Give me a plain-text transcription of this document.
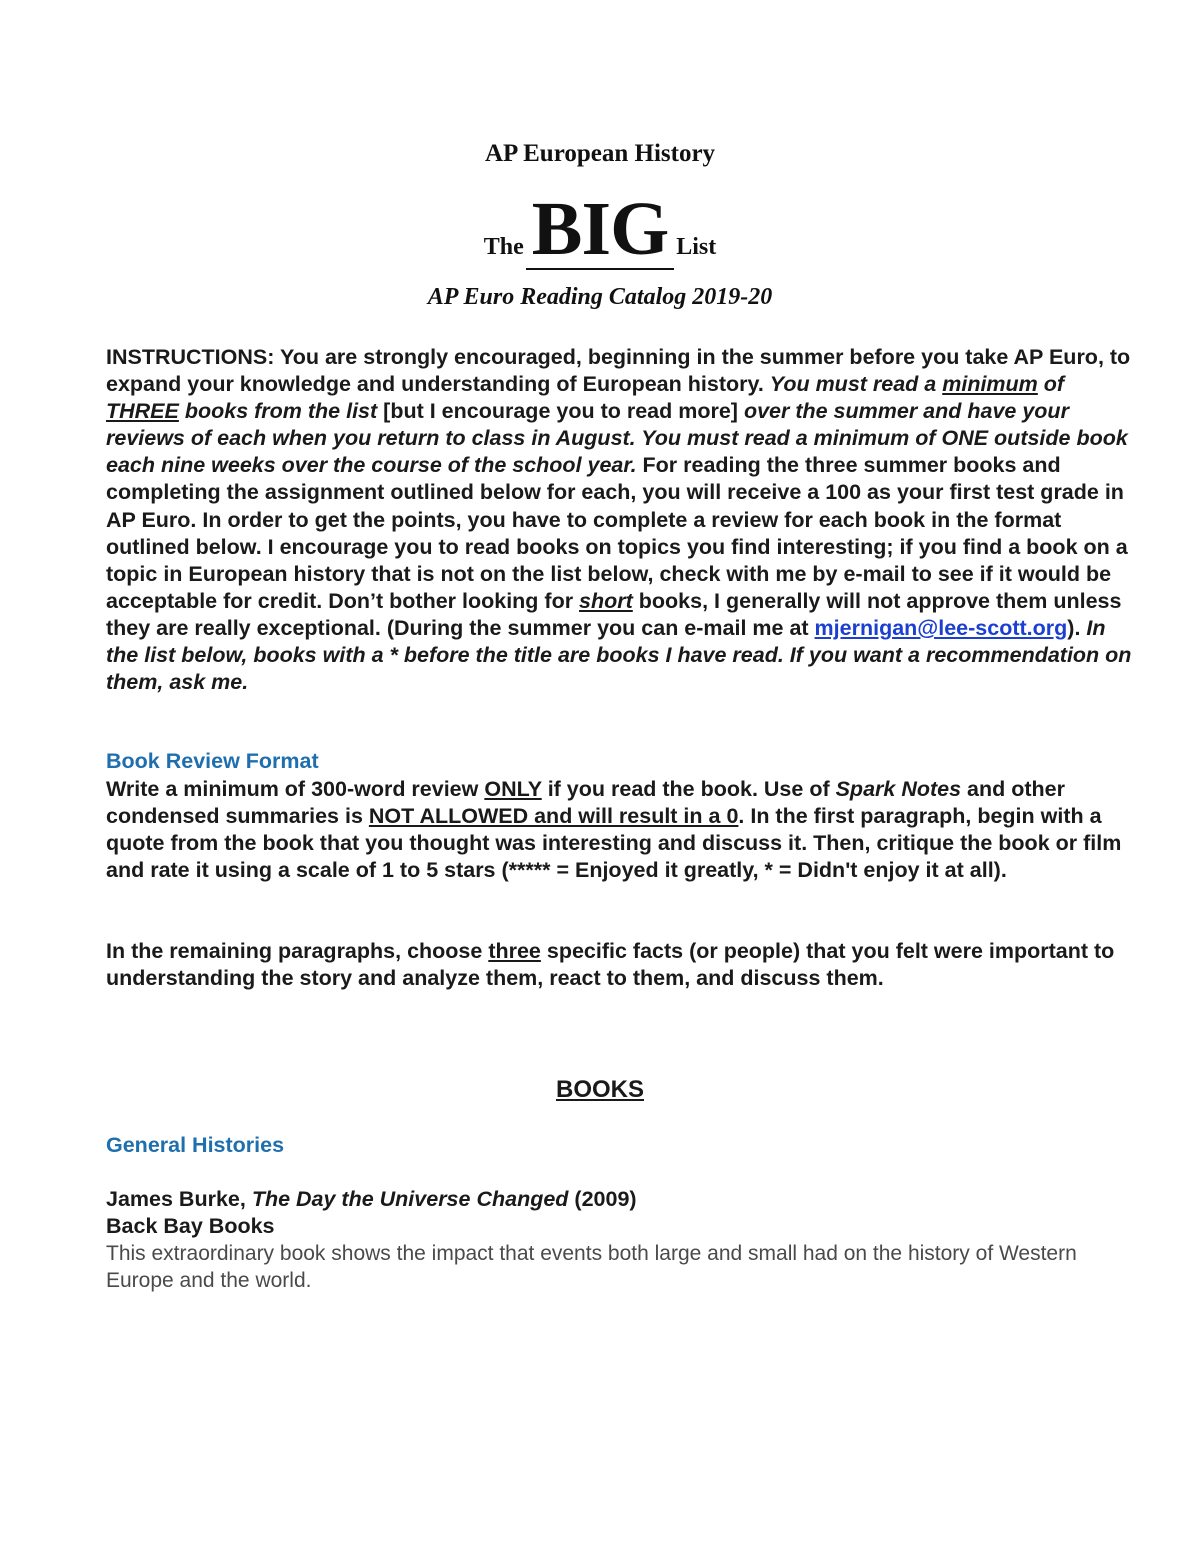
AP European History
The BIG List
AP Euro Reading Catalog 2019-20
INSTRUCTIONS: You are strongly encouraged, beginning in the summer before you take AP Euro, to expand your knowledge and understanding of European history. You must read a minimum of THREE books from the list [but I encourage you to read more] over the summer and have your reviews of each when you return to class in August. You must read a minimum of ONE outside book each nine weeks over the course of the school year. For reading the three summer books and completing the assignment outlined below for each, you will receive a 100 as your first test grade in AP Euro. In order to get the points, you have to complete a review for each book in the format outlined below. I encourage you to read books on topics you find interesting; if you find a book on a topic in European history that is not on the list below, check with me by e-mail to see if it would be acceptable for credit. Don’t bother looking for short books, I generally will not approve them unless they are really exceptional. (During the summer you can e-mail me at mjernigan@lee-scott.org). In the list below, books with a * before the title are books I have read. If you want a recommendation on them, ask me.
Book Review Format
Write a minimum of 300-word review ONLY if you read the book. Use of Spark Notes and other condensed summaries is NOT ALLOWED and will result in a 0. In the first paragraph, begin with a quote from the book that you thought was interesting and discuss it. Then, critique the book or film and rate it using a scale of 1 to 5 stars (***** = Enjoyed it greatly, * = Didn't enjoy it at all).
In the remaining paragraphs, choose three specific facts (or people) that you felt were important to understanding the story and analyze them, react to them, and discuss them.
BOOKS
General Histories
James Burke, The Day the Universe Changed (2009)
Back Bay Books
This extraordinary book shows the impact that events both large and small had on the history of Western Europe and the world.
